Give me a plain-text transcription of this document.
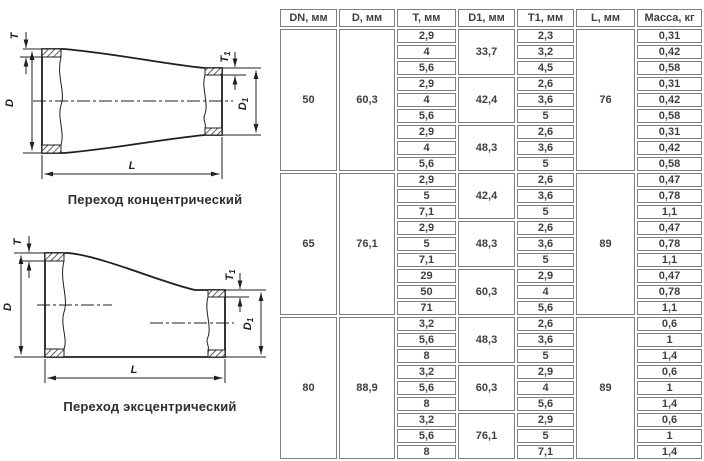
T
D
T1
D1
L
Переход концентрический
T
D
T1
D1
L
Переход эксцентрический
DN, мм	D, мм	T, мм	D1, мм	T1, мм	L, мм	Масса, кг
50	60,3	2,9	33,7	2,3	76	0,31
		4		3,2		0,42
		5,6		4,5		0,58
		2,9	42,4	2,6		0,31
		4		3,6		0,42
		5,6		5		0,58
		2,9	48,3	2,6		0,31
		4		3,6		0,42
		5,6		5		0,58
65	76,1	2,9	42,4	2,6	89	0,47
		5		3,6		0,78
		7,1		5		1,1
		2,9	48,3	2,6		0,47
		5		3,6		0,78
		7,1		5		1,1
		29	60,3	2,9		0,47
		50		4		0,78
		71		5,6		1,1
80	88,9	3,2	48,3	2,6	89	0,6
		5,6		3,6		1
		8		5		1,4
		3,2	60,3	2,9		0,6
		5,6		4		1
		8		5,6		1,4
		3,2	76,1	2,9		0,6
		5,6		5		1
		8		7,1		1,4
